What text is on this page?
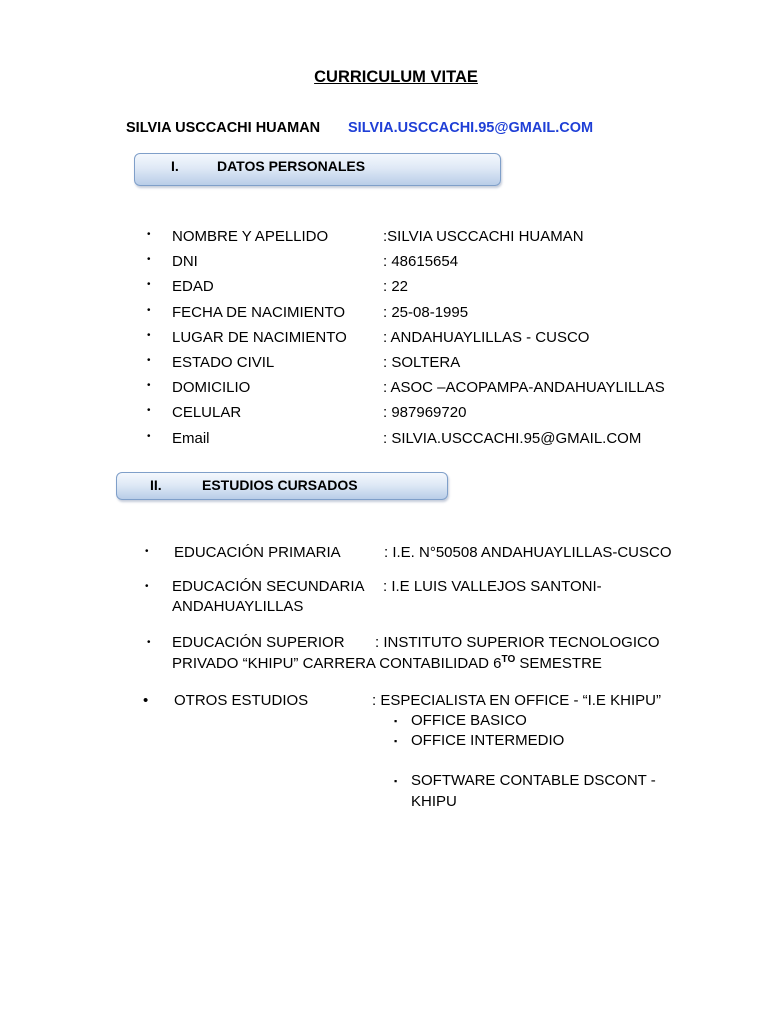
CURRICULUM VITAE
SILVIA USCCACHI HUAMAN SILVIA.USCCACHI.95@GMAIL.COM
I.	DATOS PERSONALES
• NOMBRE Y APELLIDO	:SILVIA USCCACHI HUAMAN
• DNI	: 48615654
• EDAD	: 22
• FECHA DE NACIMIENTO	: 25-08-1995
• LUGAR DE NACIMIENTO : ANDAHUAYLILLAS - CUSCO
• ESTADO CIVIL	: SOLTERA
• DOMICILIO	: ASOC –ACOPAMPA-ANDAHUAYLILLAS
• CELULAR	: 987969720
• Email	: SILVIA.USCCACHI.95@GMAIL.COM
II.	ESTUDIOS CURSADOS
• EDUCACIÓN PRIMARIA	: I.E. N°50508 ANDAHUAYLILLAS-CUSCO
• EDUCACIÓN SECUNDARIA : I.E LUIS VALLEJOS SANTONI-
ANDAHUAYLILLAS
• EDUCACIÓN SUPERIOR : INSTITUTO SUPERIOR TECNOLOGICO
PRIVADO “KHIPU” CARRERA CONTABILIDAD $6^{TO}$ SEMESTRE
• OTROS ESTUDIOS	: ESPECIALISTA EN OFFICE - “I.E KHIPU”
▪ OFFICE BASICO
▪ OFFICE INTERMEDIO
▪ SOFTWARE CONTABLE DSCONT -
KHIPU
